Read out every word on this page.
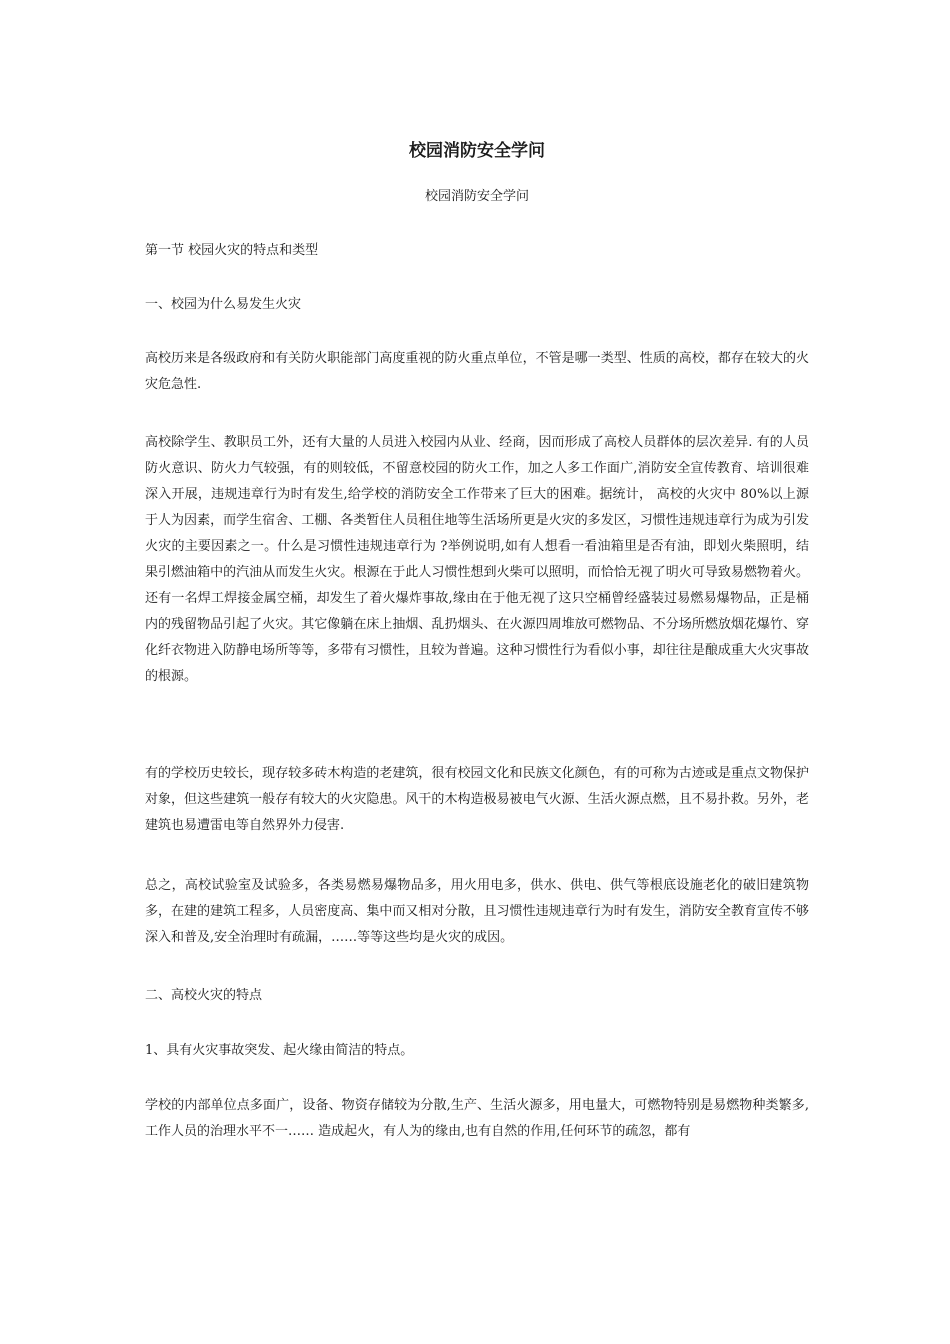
校园消防安全学问

校园消防安全学问

第一节 校园火灾的特点和类型

一、校园为什么易发生火灾

高校历来是各级政府和有关防火职能部门高度重视的防火重点单位，不管是哪一类型、性质的高校，都存在较大的火灾危急性.

高校除学生、教职员工外，还有大量的人员进入校园内从业、经商，因而形成了高校人员群体的层次差异. 有的人员防火意识、防火力气较强，有的则较低，不留意校园的防火工作，加之人多工作面广,消防安全宣传教育、培训很难深入开展，违规违章行为时有发生,给学校的消防安全工作带来了巨大的困难。据统计， 高校的火灾中 80%以上源于人为因素，而学生宿舍、工棚、各类暂住人员租住地等生活场所更是火灾的多发区，习惯性违规违章行为成为引发火灾的主要因素之一。什么是习惯性违规违章行为 ?举例说明,如有人想看一看油箱里是否有油，即划火柴照明，结果引燃油箱中的汽油从而发生火灾。根源在于此人习惯性想到火柴可以照明，而恰恰无视了明火可导致易燃物着火。还有一名焊工焊接金属空桶，却发生了着火爆炸事故,缘由在于他无视了这只空桶曾经盛装过易燃易爆物品，正是桶内的残留物品引起了火灾。其它像躺在床上抽烟、乱扔烟头、在火源四周堆放可燃物品、不分场所燃放烟花爆竹、穿化纤衣物进入防静电场所等等，多带有习惯性，且较为普遍。这种习惯性行为看似小事，却往往是酿成重大火灾事故的根源。

有的学校历史较长，现存较多砖木构造的老建筑，很有校园文化和民族文化颜色，有的可称为古迹或是重点文物保护对象，但这些建筑一般存有较大的火灾隐患。风干的木构造极易被电气火源、生活火源点燃，且不易扑救。另外，老建筑也易遭雷电等自然界外力侵害.

总之，高校试验室及试验多，各类易燃易爆物品多，用火用电多，供水、供电、供气等根底设施老化的破旧建筑物多，在建的建筑工程多，人员密度高、集中而又相对分散，且习惯性违规违章行为时有发生，消防安全教育宣传不够深入和普及,安全治理时有疏漏，……等等这些均是火灾的成因。

二、高校火灾的特点

1、具有火灾事故突发、起火缘由简洁的特点。

学校的内部单位点多面广，设备、物资存储较为分散,生产、生活火源多，用电量大，可燃物特别是易燃物种类繁多,工作人员的治理水平不一…… 造成起火，有人为的缘由,也有自然的作用,任何环节的疏忽，都有
